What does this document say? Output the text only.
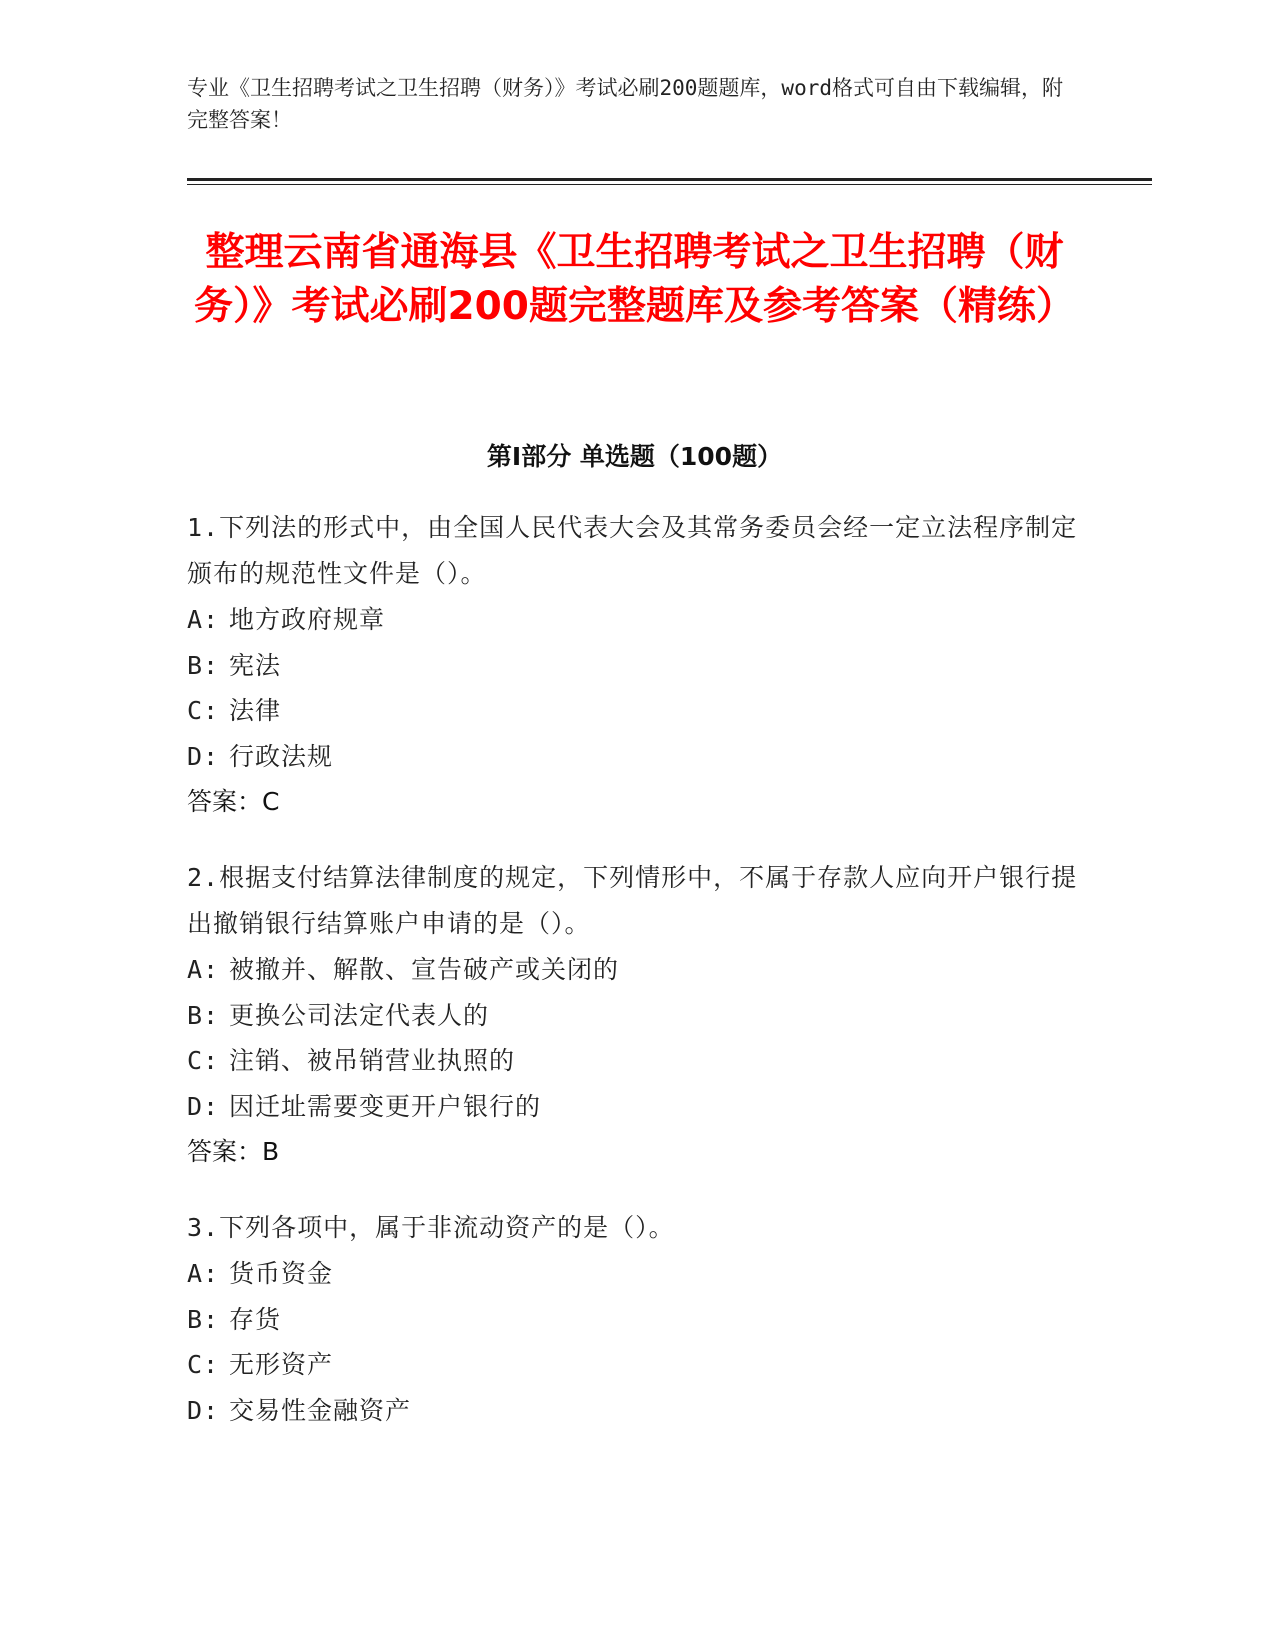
专业《卫生招聘考试之卫生招聘（财务）》考试必刷200题题库，word格式可自由下载编辑，附完整答案！
整理云南省通海县《卫生招聘考试之卫生招聘（财务）》考试必刷200题完整题库及参考答案（精练）
第I部分 单选题（100题）
1.下列法的形式中，由全国人民代表大会及其常务委员会经一定立法程序制定颁布的规范性文件是（）。
A: 地方政府规章
B: 宪法
C: 法律
D: 行政法规
答案：C
2.根据支付结算法律制度的规定，下列情形中，不属于存款人应向开户银行提出撤销银行结算账户申请的是（）。
A: 被撤并、解散、宣告破产或关闭的
B: 更换公司法定代表人的
C: 注销、被吊销营业执照的
D: 因迁址需要变更开户银行的
答案：B
3.下列各项中，属于非流动资产的是（）。
A: 货币资金
B: 存货
C: 无形资产
D: 交易性金融资产
